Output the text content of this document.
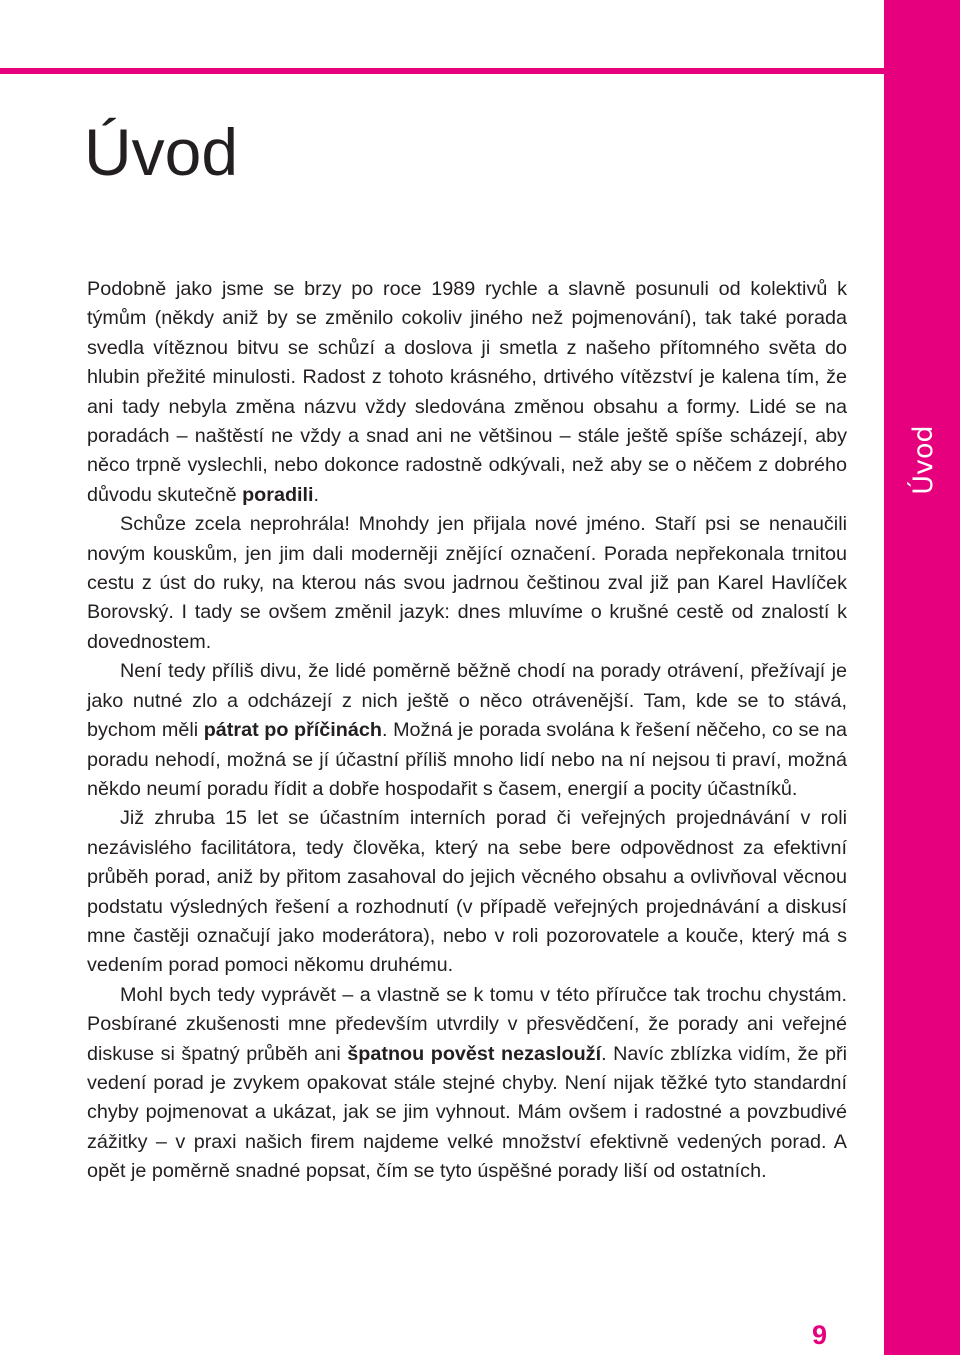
Úvod
Úvod

Podobně jako jsme se brzy po roce 1989 rychle a slavně posunuli od kolektivů k týmům (někdy aniž by se změnilo cokoliv jiného než pojmenování), tak také porada svedla vítěznou bitvu se schůzí a doslova ji smetla z našeho přítomného světa do hlubin přežité minulosti. Radost z tohoto krásného, drtivého vítězství je kalena tím, že ani tady nebyla změna názvu vždy sledována změnou obsahu a formy. Lidé se na poradách – naštěstí ne vždy a snad ani ne většinou – stále ještě spíše scházejí, aby něco trpně vyslechli, nebo dokonce radostně odkývali, než aby se o něčem z dobrého důvodu skutečně poradili.

Schůze zcela neprohrála! Mnohdy jen přijala nové jméno. Staří psi se nenaučili novým kouskům, jen jim dali moderněji znějící označení. Porada nepřekonala trnitou cestu z úst do ruky, na kterou nás svou jadrnou češtinou zval již pan Karel Havlíček Borovský. I tady se ovšem změnil jazyk: dnes mluvíme o krušné cestě od znalostí k dovednostem.

Není tedy příliš divu, že lidé poměrně běžně chodí na porady otrávení, přežívají je jako nutné zlo a odcházejí z nich ještě o něco otrávenější. Tam, kde se to stává, bychom měli pátrat po příčinách. Možná je porada svolána k řešení něčeho, co se na poradu nehodí, možná se jí účastní příliš mnoho lidí nebo na ní nejsou ti praví, možná někdo neumí poradu řídit a dobře hospodařit s časem, energií a pocity účastníků.

Již zhruba 15 let se účastním interních porad či veřejných projednávání v roli nezávislého facilitátora, tedy člověka, který na sebe bere odpovědnost za efektivní průběh porad, aniž by přitom zasahoval do jejich věcného obsahu a ovlivňoval věcnou podstatu výsledných řešení a rozhodnutí (v případě veřejných projednávání a diskusí mne častěji označují jako moderátora), nebo v roli pozorovatele a kouče, který má s vedením porad pomoci někomu druhému.

Mohl bych tedy vyprávět – a vlastně se k tomu v této příručce tak trochu chystám. Posbírané zkušenosti mne především utvrdily v přesvědčení, že porady ani veřejné diskuse si špatný průběh ani špatnou pověst nezaslouží. Navíc zblízka vidím, že při vedení porad je zvykem opakovat stále stejné chyby. Není nijak těžké tyto standardní chyby pojmenovat a ukázat, jak se jim vyhnout. Mám ovšem i radostné a povzbudivé zážitky – v praxi našich firem najdeme velké množství efektivně vedených porad. A opět je poměrně snadné popsat, čím se tyto úspěšné porady liší od ostatních.

9
